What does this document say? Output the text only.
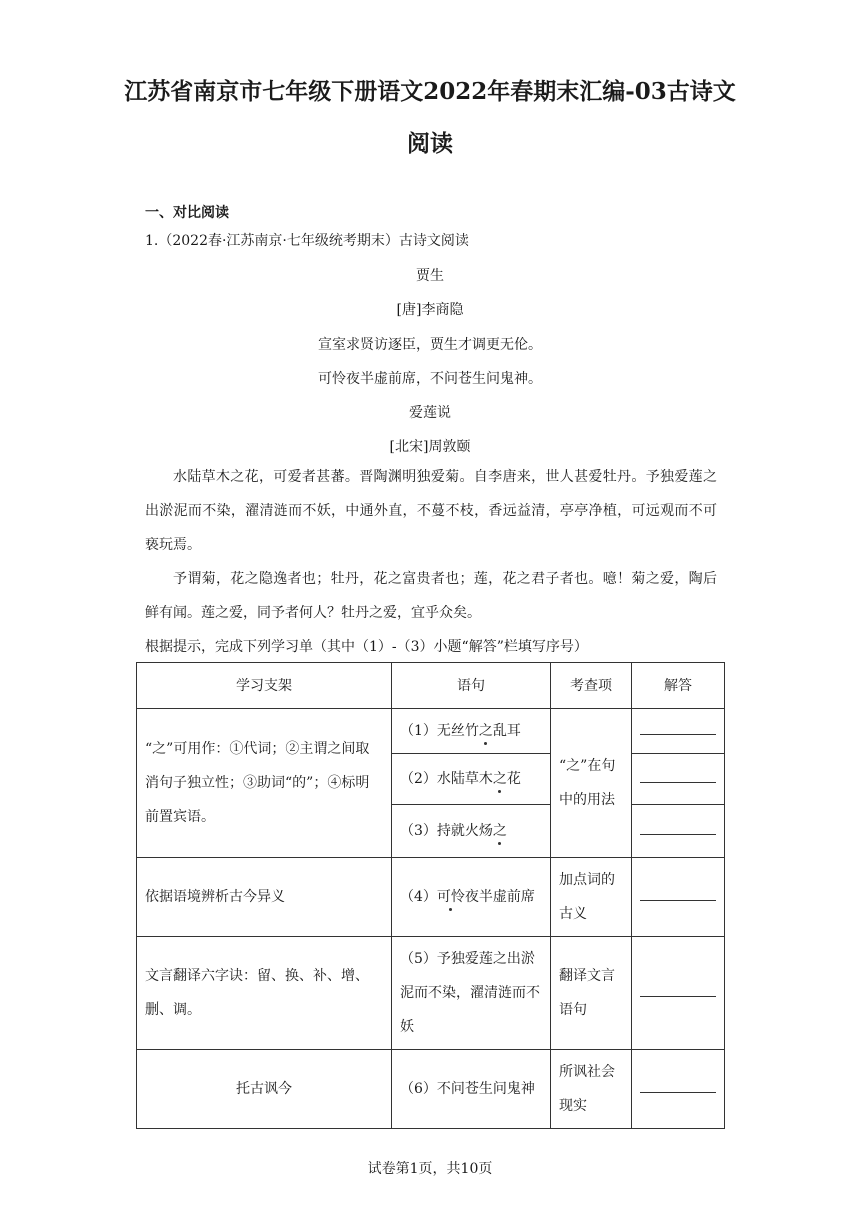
江苏省南京市七年级下册语文2022年春期末汇编-03古诗文
阅读
一、对比阅读
1.（2022春·江苏南京·七年级统考期末）古诗文阅读
贾生
[唐]李商隐
宣室求贤访逐臣，贾生才调更无伦。
可怜夜半虚前席，不问苍生问鬼神。
爱莲说
[北宋]周敦颐
水陆草木之花，可爱者甚蕃。晋陶渊明独爱菊。自李唐来，世人甚爱牡丹。予独爱莲之出淤泥而不染，濯清涟而不妖，中通外直，不蔓不枝，香远益清，亭亭净植，可远观而不可亵玩焉。
予谓菊，花之隐逸者也；牡丹，花之富贵者也；莲，花之君子者也。噫！菊之爱，陶后鲜有闻。莲之爱，同予者何人？牡丹之爱，宜乎众矣。
根据提示，完成下列学习单（其中（1）-（3）小题“解答”栏填写序号）
学习支架	语句	考查项	解答
“之”可用作：①代词；②主谓之间取消句子独立性；③助词“的”；④标明前置宾语。	（1）无丝竹之乱耳	“之”在句中的用法	
	（2）水陆草木之花		
	（3）持就火炀之		
依据语境辨析古今异义	（4）可怜夜半虚前席	加点词的古义	
文言翻译六字诀：留、换、补、增、删、调。	（5）予独爱莲之出淤泥而不染，濯清涟而不妖	翻译文言语句	
托古讽今	（6）不问苍生问鬼神	所讽社会现实	
试卷第1页，共10页
